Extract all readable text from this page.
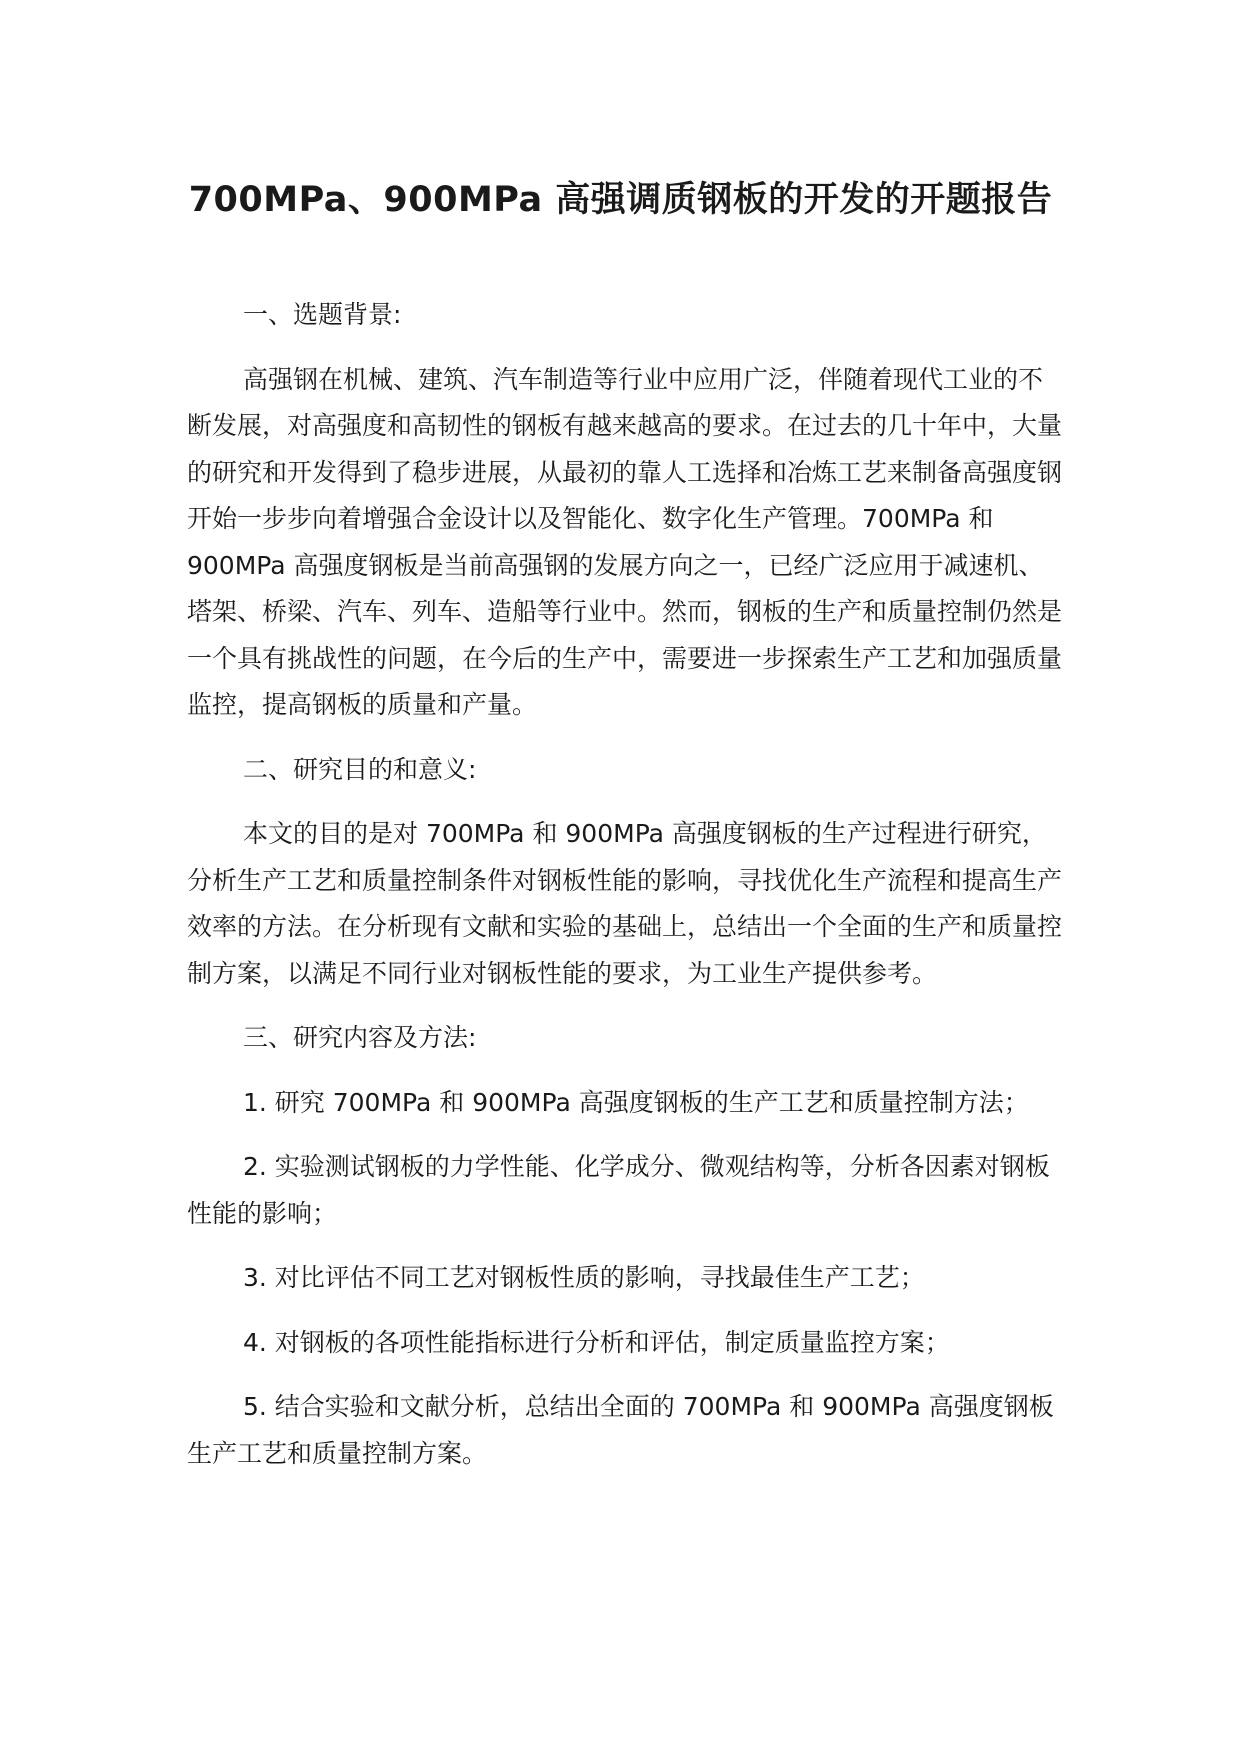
700MPa、900MPa 高强调质钢板的开发的开题报告

一、选题背景:

高强钢在机械、建筑、汽车制造等行业中应用广泛，伴随着现代工业的不断发展，对高强度和高韧性的钢板有越来越高的要求。在过去的几十年中，大量的研究和开发得到了稳步进展，从最初的靠人工选择和冶炼工艺来制备高强度钢开始一步步向着增强合金设计以及智能化、数字化生产管理。700MPa 和 900MPa 高强度钢板是当前高强钢的发展方向之一，已经广泛应用于减速机、塔架、桥梁、汽车、列车、造船等行业中。然而，钢板的生产和质量控制仍然是一个具有挑战性的问题，在今后的生产中，需要进一步探索生产工艺和加强质量监控，提高钢板的质量和产量。

二、研究目的和意义:

本文的目的是对 700MPa 和 900MPa 高强度钢板的生产过程进行研究，分析生产工艺和质量控制条件对钢板性能的影响，寻找优化生产流程和提高生产效率的方法。在分析现有文献和实验的基础上，总结出一个全面的生产和质量控制方案，以满足不同行业对钢板性能的要求，为工业生产提供参考。

三、研究内容及方法:

1. 研究 700MPa 和 900MPa 高强度钢板的生产工艺和质量控制方法；

2. 实验测试钢板的力学性能、化学成分、微观结构等，分析各因素对钢板性能的影响；

3. 对比评估不同工艺对钢板性质的影响，寻找最佳生产工艺；

4. 对钢板的各项性能指标进行分析和评估，制定质量监控方案；

5. 结合实验和文献分析，总结出全面的 700MPa 和 900MPa 高强度钢板生产工艺和质量控制方案。
